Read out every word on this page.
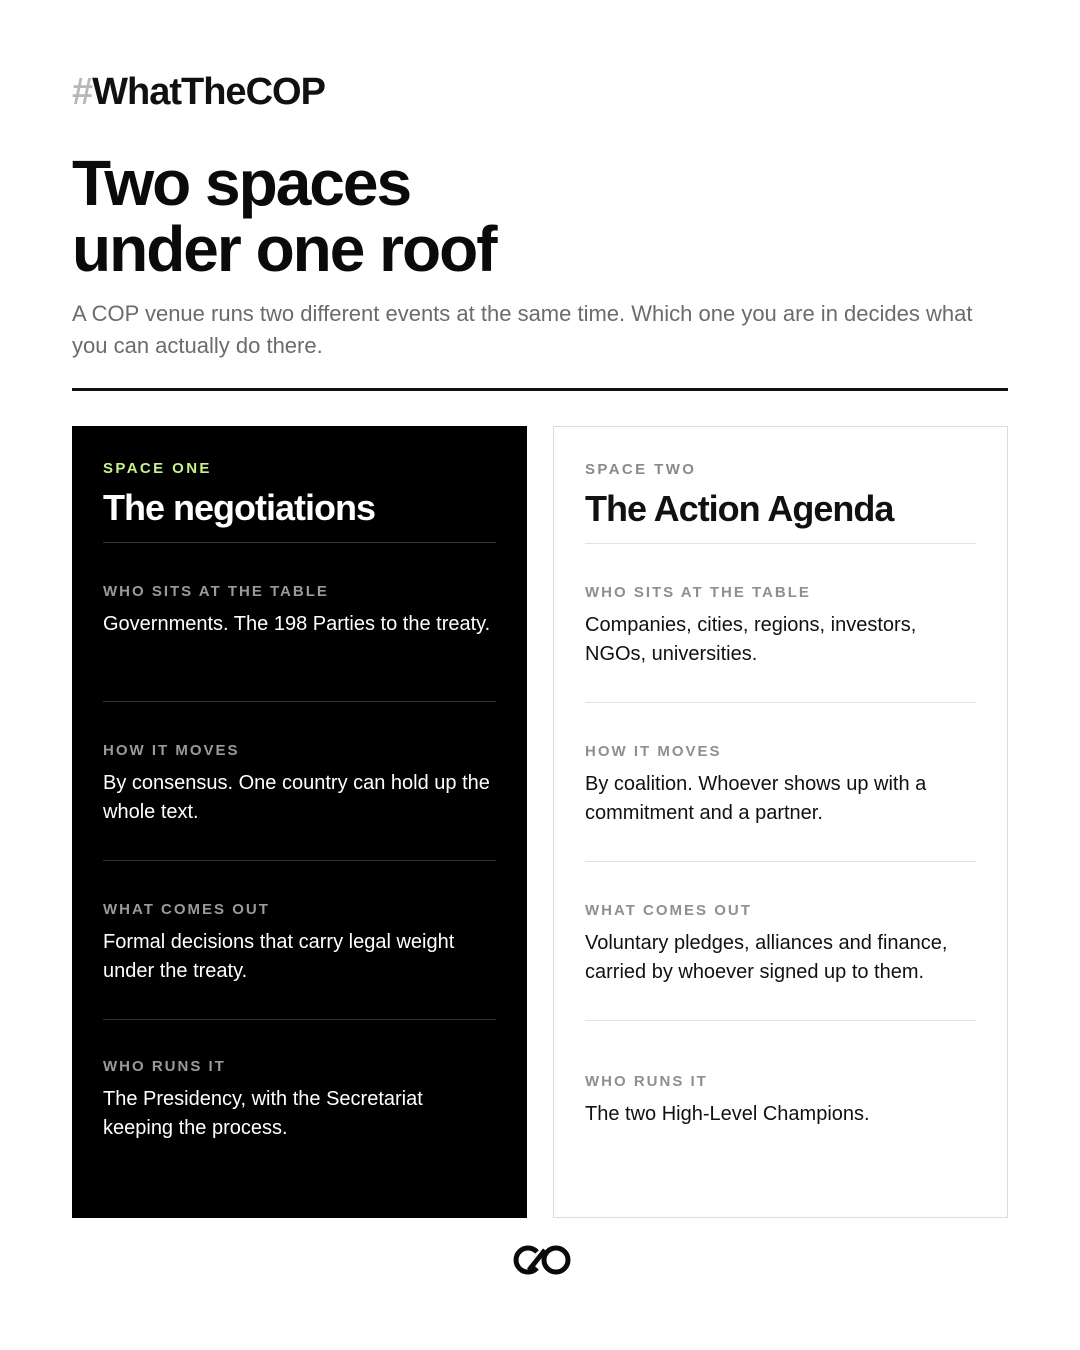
#WhatTheCOP
Two spaces
under one roof

A COP venue runs two different events at the same time. Which one you are in decides what you can actually do there.

SPACE ONE
The negotiations
WHO SITS AT THE TABLE
Governments. The 198 Parties to the treaty.
HOW IT MOVES
By consensus. One country can hold up the whole text.
WHAT COMES OUT
Formal decisions that carry legal weight under the treaty.
WHO RUNS IT
The Presidency, with the Secretariat keeping the process.
SPACE TWO
The Action Agenda
WHO SITS AT THE TABLE
Companies, cities, regions, investors, NGOs, universities.
HOW IT MOVES
By coalition. Whoever shows up with a commitment and a partner.
WHAT COMES OUT
Voluntary pledges, alliances and finance, carried by whoever signed up to them.
WHO RUNS IT
The two High-Level Champions.
